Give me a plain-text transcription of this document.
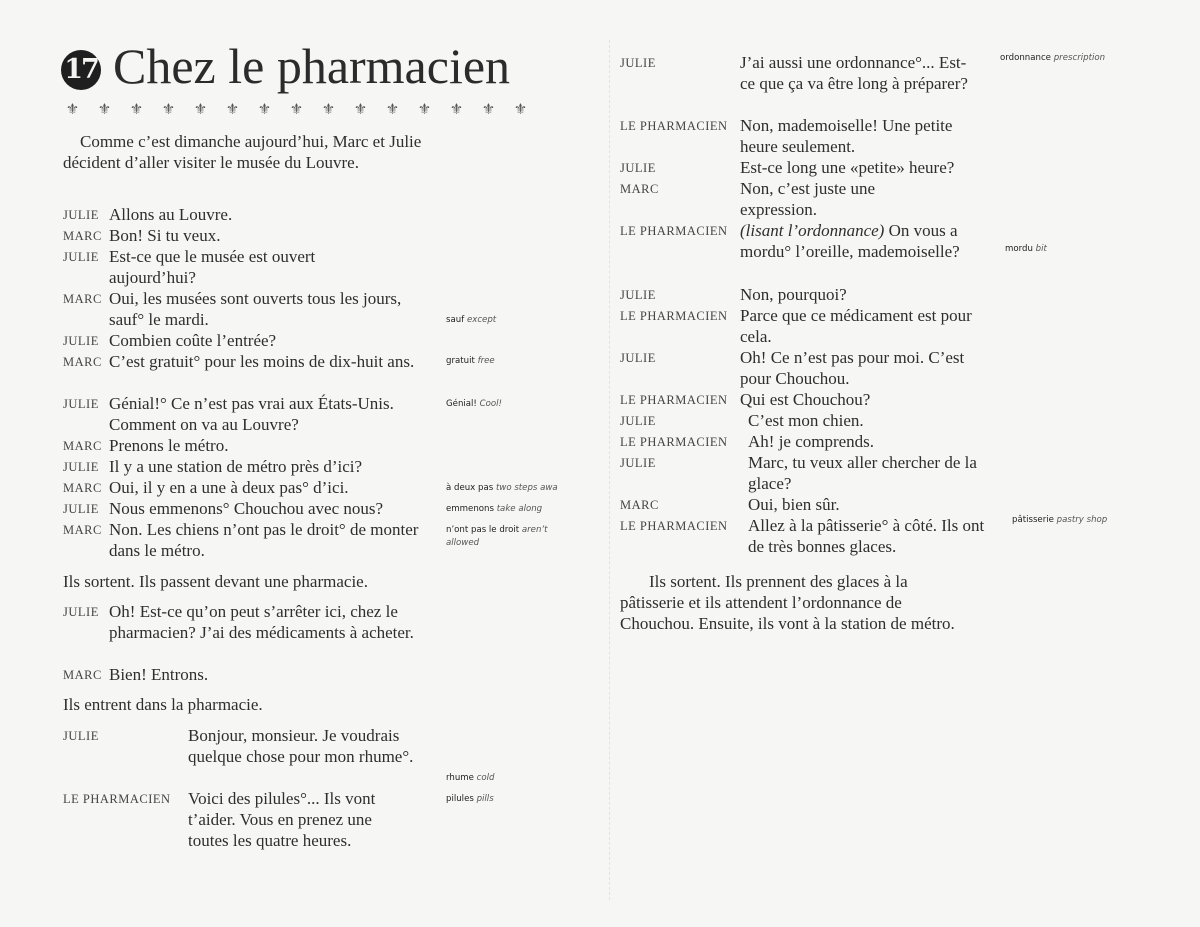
17 Chez le pharmacien
⚜ ⚜ ⚜ ⚜ ⚜ ⚜ ⚜ ⚜ ⚜ ⚜ ⚜ ⚜ ⚜ ⚜ ⚜
Comme c’est dimanche aujourd’hui, Marc et Julie décident d’aller visiter le musée du Louvre.
JULIE Allons au Louvre.
MARC Bon! Si tu veux.
JULIE Est-ce que le musée est ouvert aujourd’hui?
MARC Oui, les musées sont ouverts tous les jours, sauf° le mardi.
JULIE Combien coûte l’entrée?
MARC C’est gratuit° pour les moins de dix-huit ans.
JULIE Génial!° Ce n’est pas vrai aux États-Unis. Comment on va au Louvre?
MARC Prenons le métro.
JULIE Il y a une station de métro près d’ici?
MARC Oui, il y en a une à deux pas° d’ici.
JULIE Nous emmenons° Chouchou avec nous?
MARC Non. Les chiens n’ont pas le droit° de monter dans le métro.
Ils sortent. Ils passent devant une pharmacie.
JULIE Oh! Est-ce qu’on peut s’arrêter ici, chez le pharmacien? J’ai des médicaments à acheter.
MARC Bien! Entrons.
Ils entrent dans la pharmacie.
JULIE	Bonjour, monsieur. Je voudrais quelque chose pour mon rhume°.
LE PHARMACIEN	Voici des pilules°... Ils vont t’aider. Vous en prenez une toutes les quatre heures.
sauf except
gratuit free
Génial! Cool!
à deux pas two steps awa
emmenons take along
n’ont pas le droit aren’t allowed
rhume cold
pilules pills
JULIE	J’ai aussi une ordonnance°... Est-ce que ça va être long à préparer?
LE PHARMACIEN Non, mademoiselle! Une petite heure seulement.
JULIE	Est-ce long une «petite» heure?
MARC	Non, c’est juste une expression.
LE PHARMACIEN (lisant l’ordonnance) On vous a mordu° l’oreille, mademoiselle?
JULIE	Non, pourquoi?
LE PHARMACIEN Parce que ce médicament est pour cela.
JULIE	Oh! Ce n’est pas pour moi. C’est pour Chouchou.
LE PHARMACIEN Qui est Chouchou?
JULIE	C’est mon chien.
LE PHARMACIEN	Ah! je comprends.
JULIE	Marc, tu veux aller chercher de la glace?
MARC	Oui, bien sûr.
LE PHARMACIEN	Allez à la pâtisserie° à côté. Ils ont de très bonnes glaces.
Ils sortent. Ils prennent des glaces à la pâtisserie et ils attendent l’ordonnance de Chouchou. Ensuite, ils vont à la station de métro.
ordonnance prescription
mordu bit
pâtisserie pastry shop
